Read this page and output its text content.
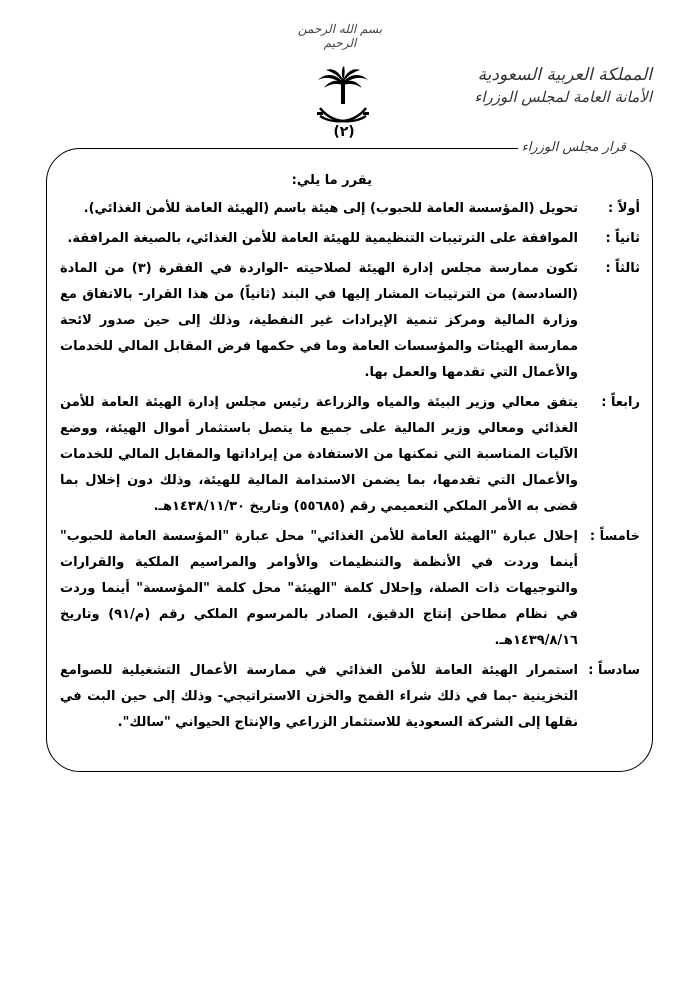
بسم الله الرحمن الرحيم
(٢)
المملكة العربية السعودية
الأمانة العامة لمجلس الوزراء
قرار مجلس الوزراء
يقرر ما يلي:
أولاً :
تحويل (المؤسسة العامة للحبوب) إلى هيئة باسم (الهيئة العامة للأمن الغذائي).
ثانياً :
الموافقة على الترتيبات التنظيمية للهيئة العامة للأمن الغذائي، بالصيغة المرافقة.
ثالثاً :
تكون ممارسة مجلس إدارة الهيئة لصلاحيته -الواردة في الفقرة (٣) من المادة (السادسة) من الترتيبات المشار إليها في البند (ثانياً) من هذا القرار- بالاتفاق مع وزارة المالية ومركز تنمية الإيرادات غير النفطية، وذلك إلى حين صدور لائحة ممارسة الهيئات والمؤسسات العامة وما في حكمها فرض المقابل المالي للخدمات والأعمال التي تقدمها والعمل بها.
رابعاً :
يتفق معالي وزير البيئة والمياه والزراعة رئيس مجلس إدارة الهيئة العامة للأمن الغذائي ومعالي وزير المالية على جميع ما يتصل باستثمار أموال الهيئة، ووضع الآليات المناسبة التي تمكنها من الاستفادة من إيراداتها والمقابل المالي للخدمات والأعمال التي تقدمها، بما يضمن الاستدامة المالية للهيئة، وذلك دون إخلال بما قضى به الأمر الملكي التعميمي رقم (٥٥٦٨٥) وتاريخ ١٤٣٨/١١/٣٠هـ.
خامساً :
إحلال عبارة "الهيئة العامة للأمن الغذائي" محل عبارة "المؤسسة العامة للحبوب" أينما وردت في الأنظمة والتنظيمات والأوامر والمراسيم الملكية والقرارات والتوجيهات ذات الصلة، وإحلال كلمة "الهيئة" محل كلمة "المؤسسة" أينما وردت في نظام مطاحن إنتاج الدقيق، الصادر بالمرسوم الملكي رقم (م/٩١) وتاريخ ١٤٣٩/٨/١٦هـ.
سادساً :
استمرار الهيئة العامة للأمن الغذائي في ممارسة الأعمال التشغيلية للصوامع التخزينية -بما في ذلك شراء القمح والخزن الاستراتيجي- وذلك إلى حين البت في نقلها إلى الشركة السعودية للاستثمار الزراعي والإنتاج الحيواني "سالك".
